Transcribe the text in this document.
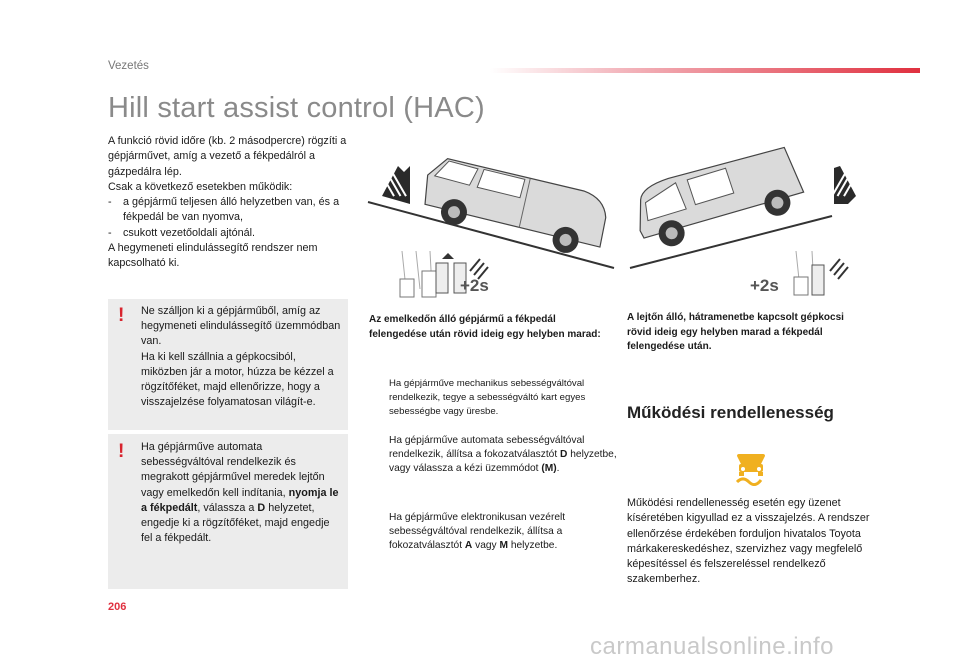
Vezetés
Hill start assist control (HAC)

A funkció rövid időre (kb. 2 másodpercre) rögzíti a gépjárművet, amíg a vezető a fékpedálról a gázpedálra lép.

Csak a következő esetekben működik:

- a gépjármű teljesen álló helyzetben van, és a fékpedál be van nyomva,
- csukott vezetőoldali ajtónál.

A hegymeneti elindulássegítő rendszer nem kapcsolható ki.

! Ne szálljon ki a gépjárműből, amíg az hegymeneti elindulássegítő üzemmódban van.

Ha ki kell szállnia a gépkocsiból, miközben jár a motor, húzza be kézzel a rögzítőféket, majd ellenőrizze, hogy a visszajelzése folyamatosan világít-e.

! Ha gépjárműve automata sebességváltóval rendelkezik és megrakott gépjárművel meredek lejtőn vagy emelkedőn kell indítania, nyomja le a fékpedált, válassza a D helyzetet, engedje ki a rögzítőféket, majd engedje fel a fékpedált.

+2s	+2s
Az emelkedőn álló gépjármű a fékpedál felengedése után rövid ideig egy helyben marad:
A lejtőn álló, hátramenetbe kapcsolt gépkocsi rövid ideig egy helyben marad a fékpedál felengedése után.
Ha gépjárműve mechanikus sebességváltóval rendelkezik, tegye a sebességváltó kart egyes sebességbe vagy üresbe.
Ha gépjárműve automata sebességváltóval rendelkezik, állítsa a fokozatválasztót D helyzetbe, vagy válassza a kézi üzemmódot (M).
Ha gépjárműve elektronikusan vezérelt sebességváltóval rendelkezik, állítsa a fokozatválasztót A vagy M helyzetbe.
Működési rendellenesség
Működési rendellenesség esetén egy üzenet kíséretében kigyullad ez a visszajelzés. A rendszer ellenőrzése érdekében forduljon hivatalos Toyota márkakereskedéshez, szervizhez vagy megfelelő képesítéssel és felszereléssel rendelkező szakemberhez.
206
carmanualsonline.info
